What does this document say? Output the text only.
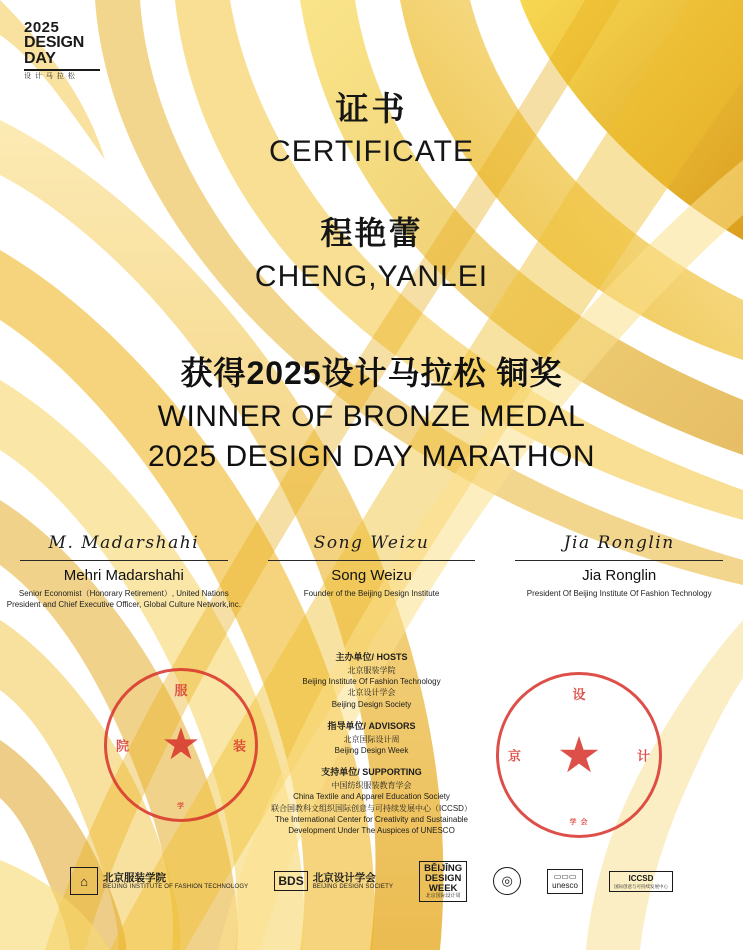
2025
DESIGN
DAY
设 计 马 拉 松
证书
CERTIFICATE
程艳蕾
CHENG,YANLEI
获得2025设计马拉松 铜奖
WINNER OF BRONZE MEDAL
2025 DESIGN DAY MARATHON
M. Madarshahi
Mehri Madarshahi
Senior Economist（Honorary Retirement）, United Nations President and Chief Executive Officer, Global Culture Network,inc.
Song Weizu
Song Weizu
Founder of the Beijing Design Institute
Jia Ronglin
Jia Ronglin
President Of Beijing Institute Of Fashion Technology
主办单位/ HOSTS
北京服装学院
Beijing Institute Of Fashion Technology
北京设计学会
Beijing Design Society
指导单位/ ADVISORS
北京国际设计周
Beijing Design Week
支持单位/ SUPPORTING
中国纺织服装教育学会
China Textile and Apparel Education Society
联合国教科文组织国际创意与可持续发展中心（ICCSD）
The International Center for Creativity and Sustainable
Development Under The Auspices of UNESCO
服
院	装
学
★
设
京	计
学 会
★
⌂	北京服装学院
BEIJING INSTITUTE OF FASHION TECHNOLOGY	BDS 北京设计学会
BEIJING DESIGN SOCIETY
BĚIJĪNG
DESIGN
WEEK
北京国际设计周
◎	▭▭▭
unesco
ICCSD
国际创意与可持续发展中心
